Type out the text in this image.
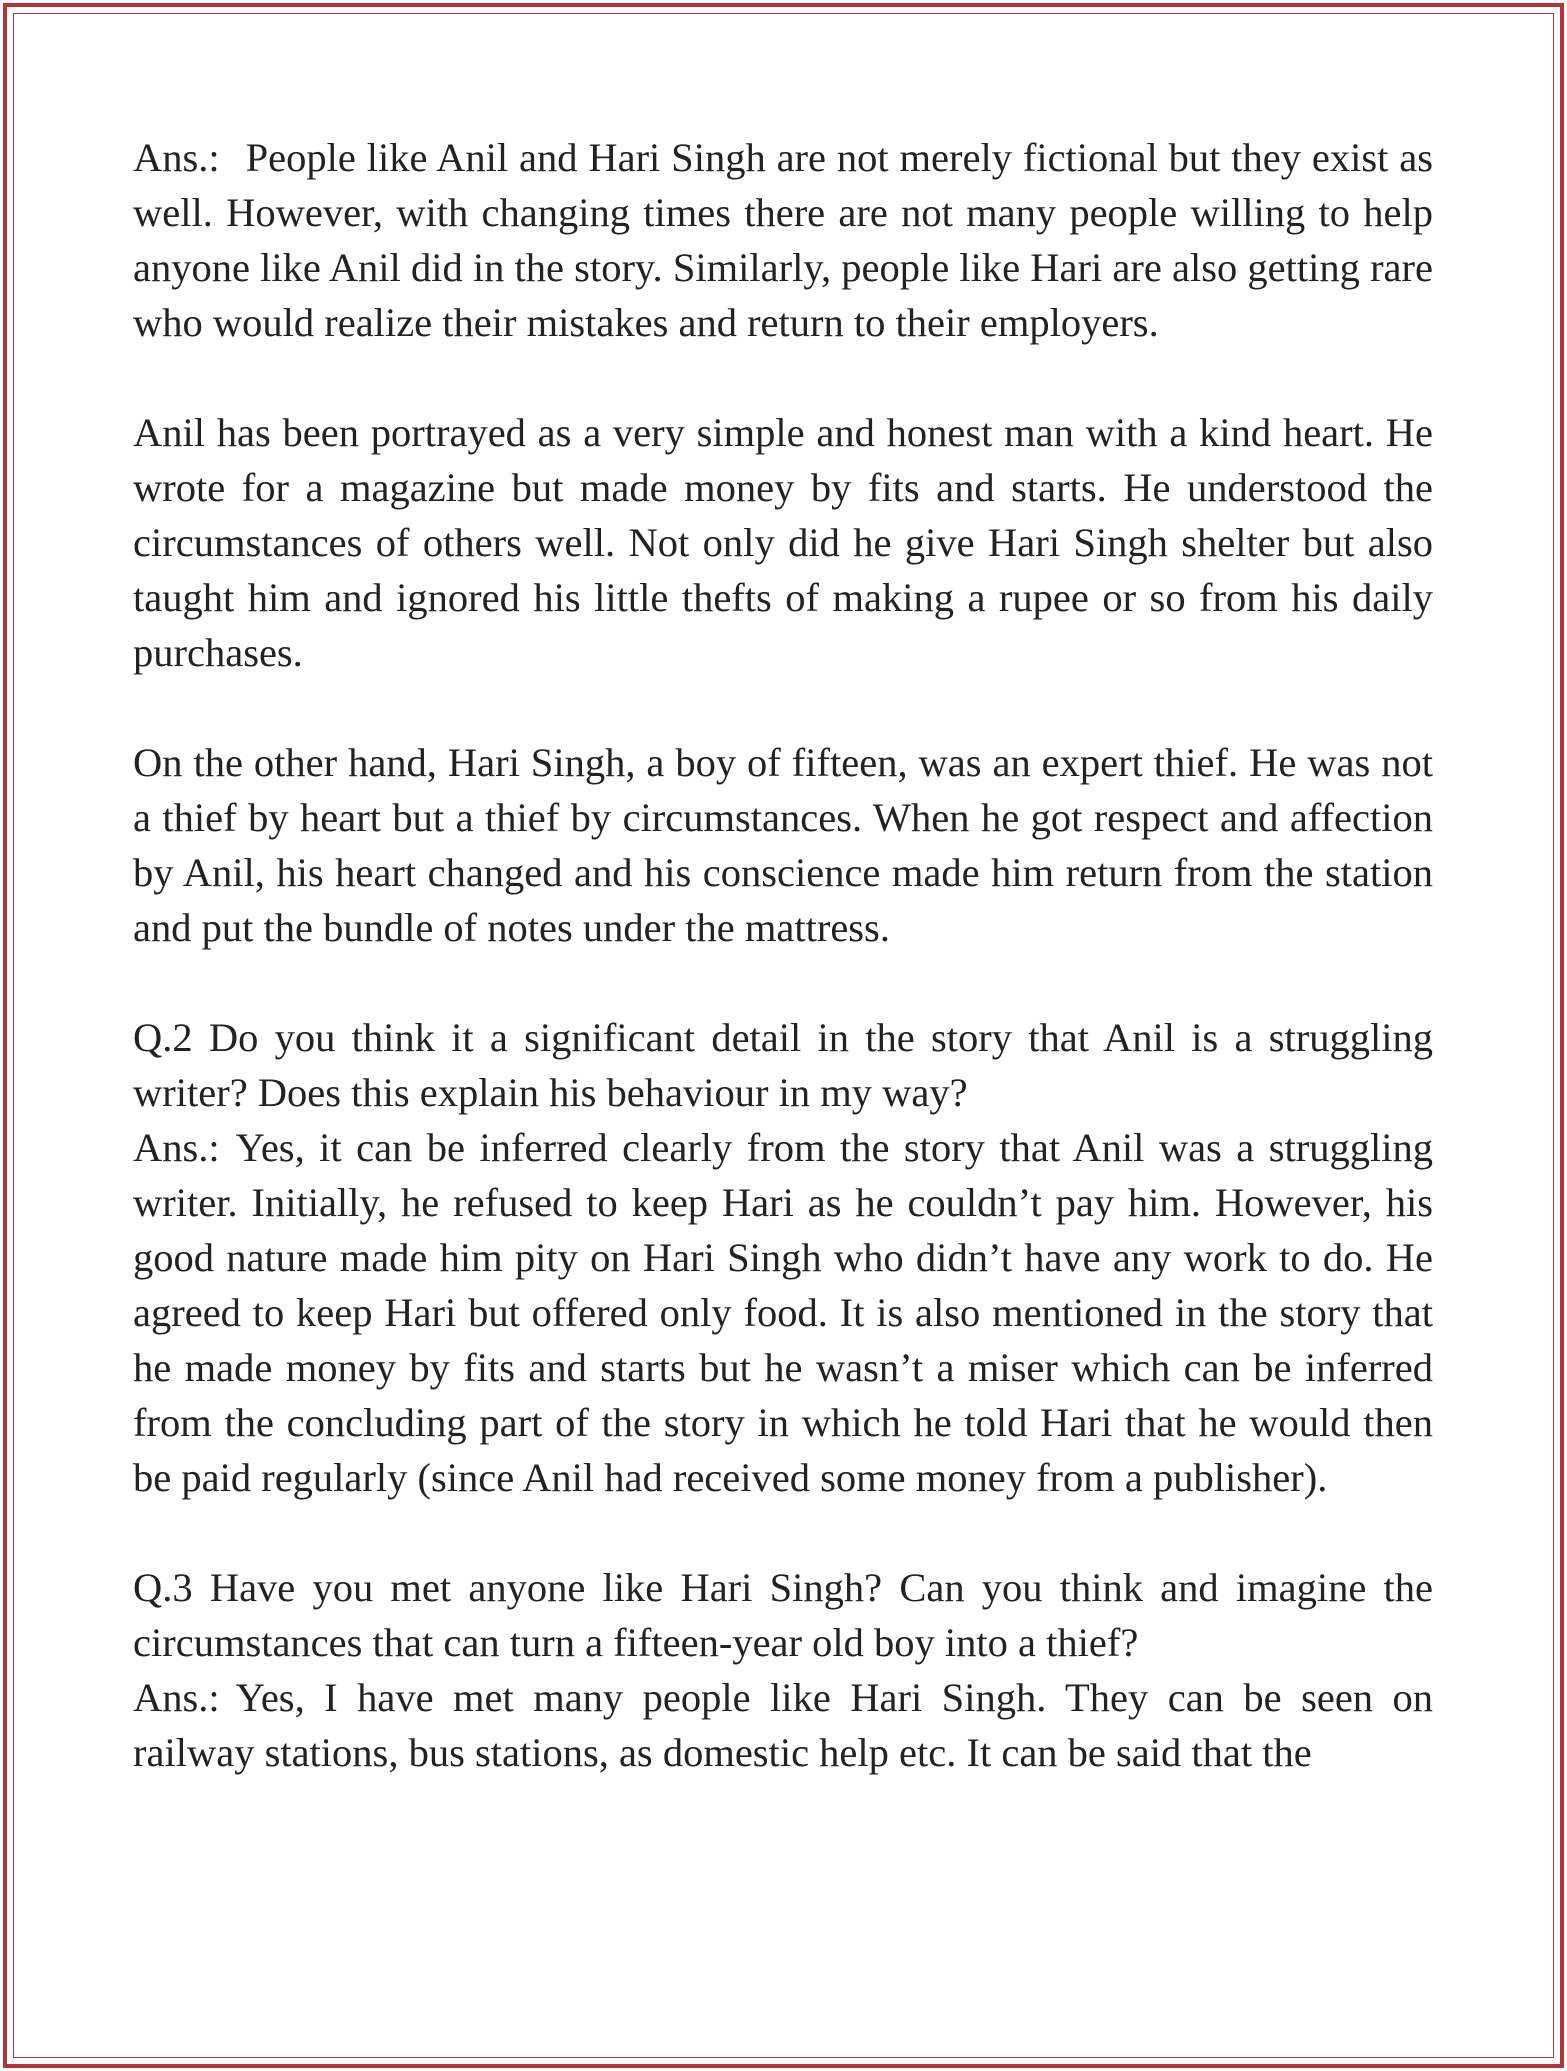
Ans.: People like Anil and Hari Singh are not merely fictional but they exist as well. However, with changing times there are not many people willing to help anyone like Anil did in the story. Similarly, people like Hari are also getting rare who would realize their mistakes and return to their employers.

Anil has been portrayed as a very simple and honest man with a kind heart. He wrote for a magazine but made money by fits and starts. He understood the circumstances of others well. Not only did he give Hari Singh shelter but also taught him and ignored his little thefts of making a rupee or so from his daily purchases.

On the other hand, Hari Singh, a boy of fifteen, was an expert thief. He was not a thief by heart but a thief by circumstances. When he got respect and affection by Anil, his heart changed and his conscience made him return from the station and put the bundle of notes under the mattress.

Q.2 Do you think it a significant detail in the story that Anil is a struggling writer? Does this explain his behaviour in my way?

Ans.: Yes, it can be inferred clearly from the story that Anil was a struggling writer. Initially, he refused to keep Hari as he couldn’t pay him. However, his good nature made him pity on Hari Singh who didn’t have any work to do. He agreed to keep Hari but offered only food. It is also mentioned in the story that he made money by fits and starts but he wasn’t a miser which can be inferred from the concluding part of the story in which he told Hari that he would then be paid regularly (since Anil had received some money from a publisher).

Q.3 Have you met anyone like Hari Singh? Can you think and imagine the circumstances that can turn a fifteen-year old boy into a thief?

Ans.: Yes, I have met many people like Hari Singh. They can be seen on railway stations, bus stations, as domestic help etc. It can be said that the
